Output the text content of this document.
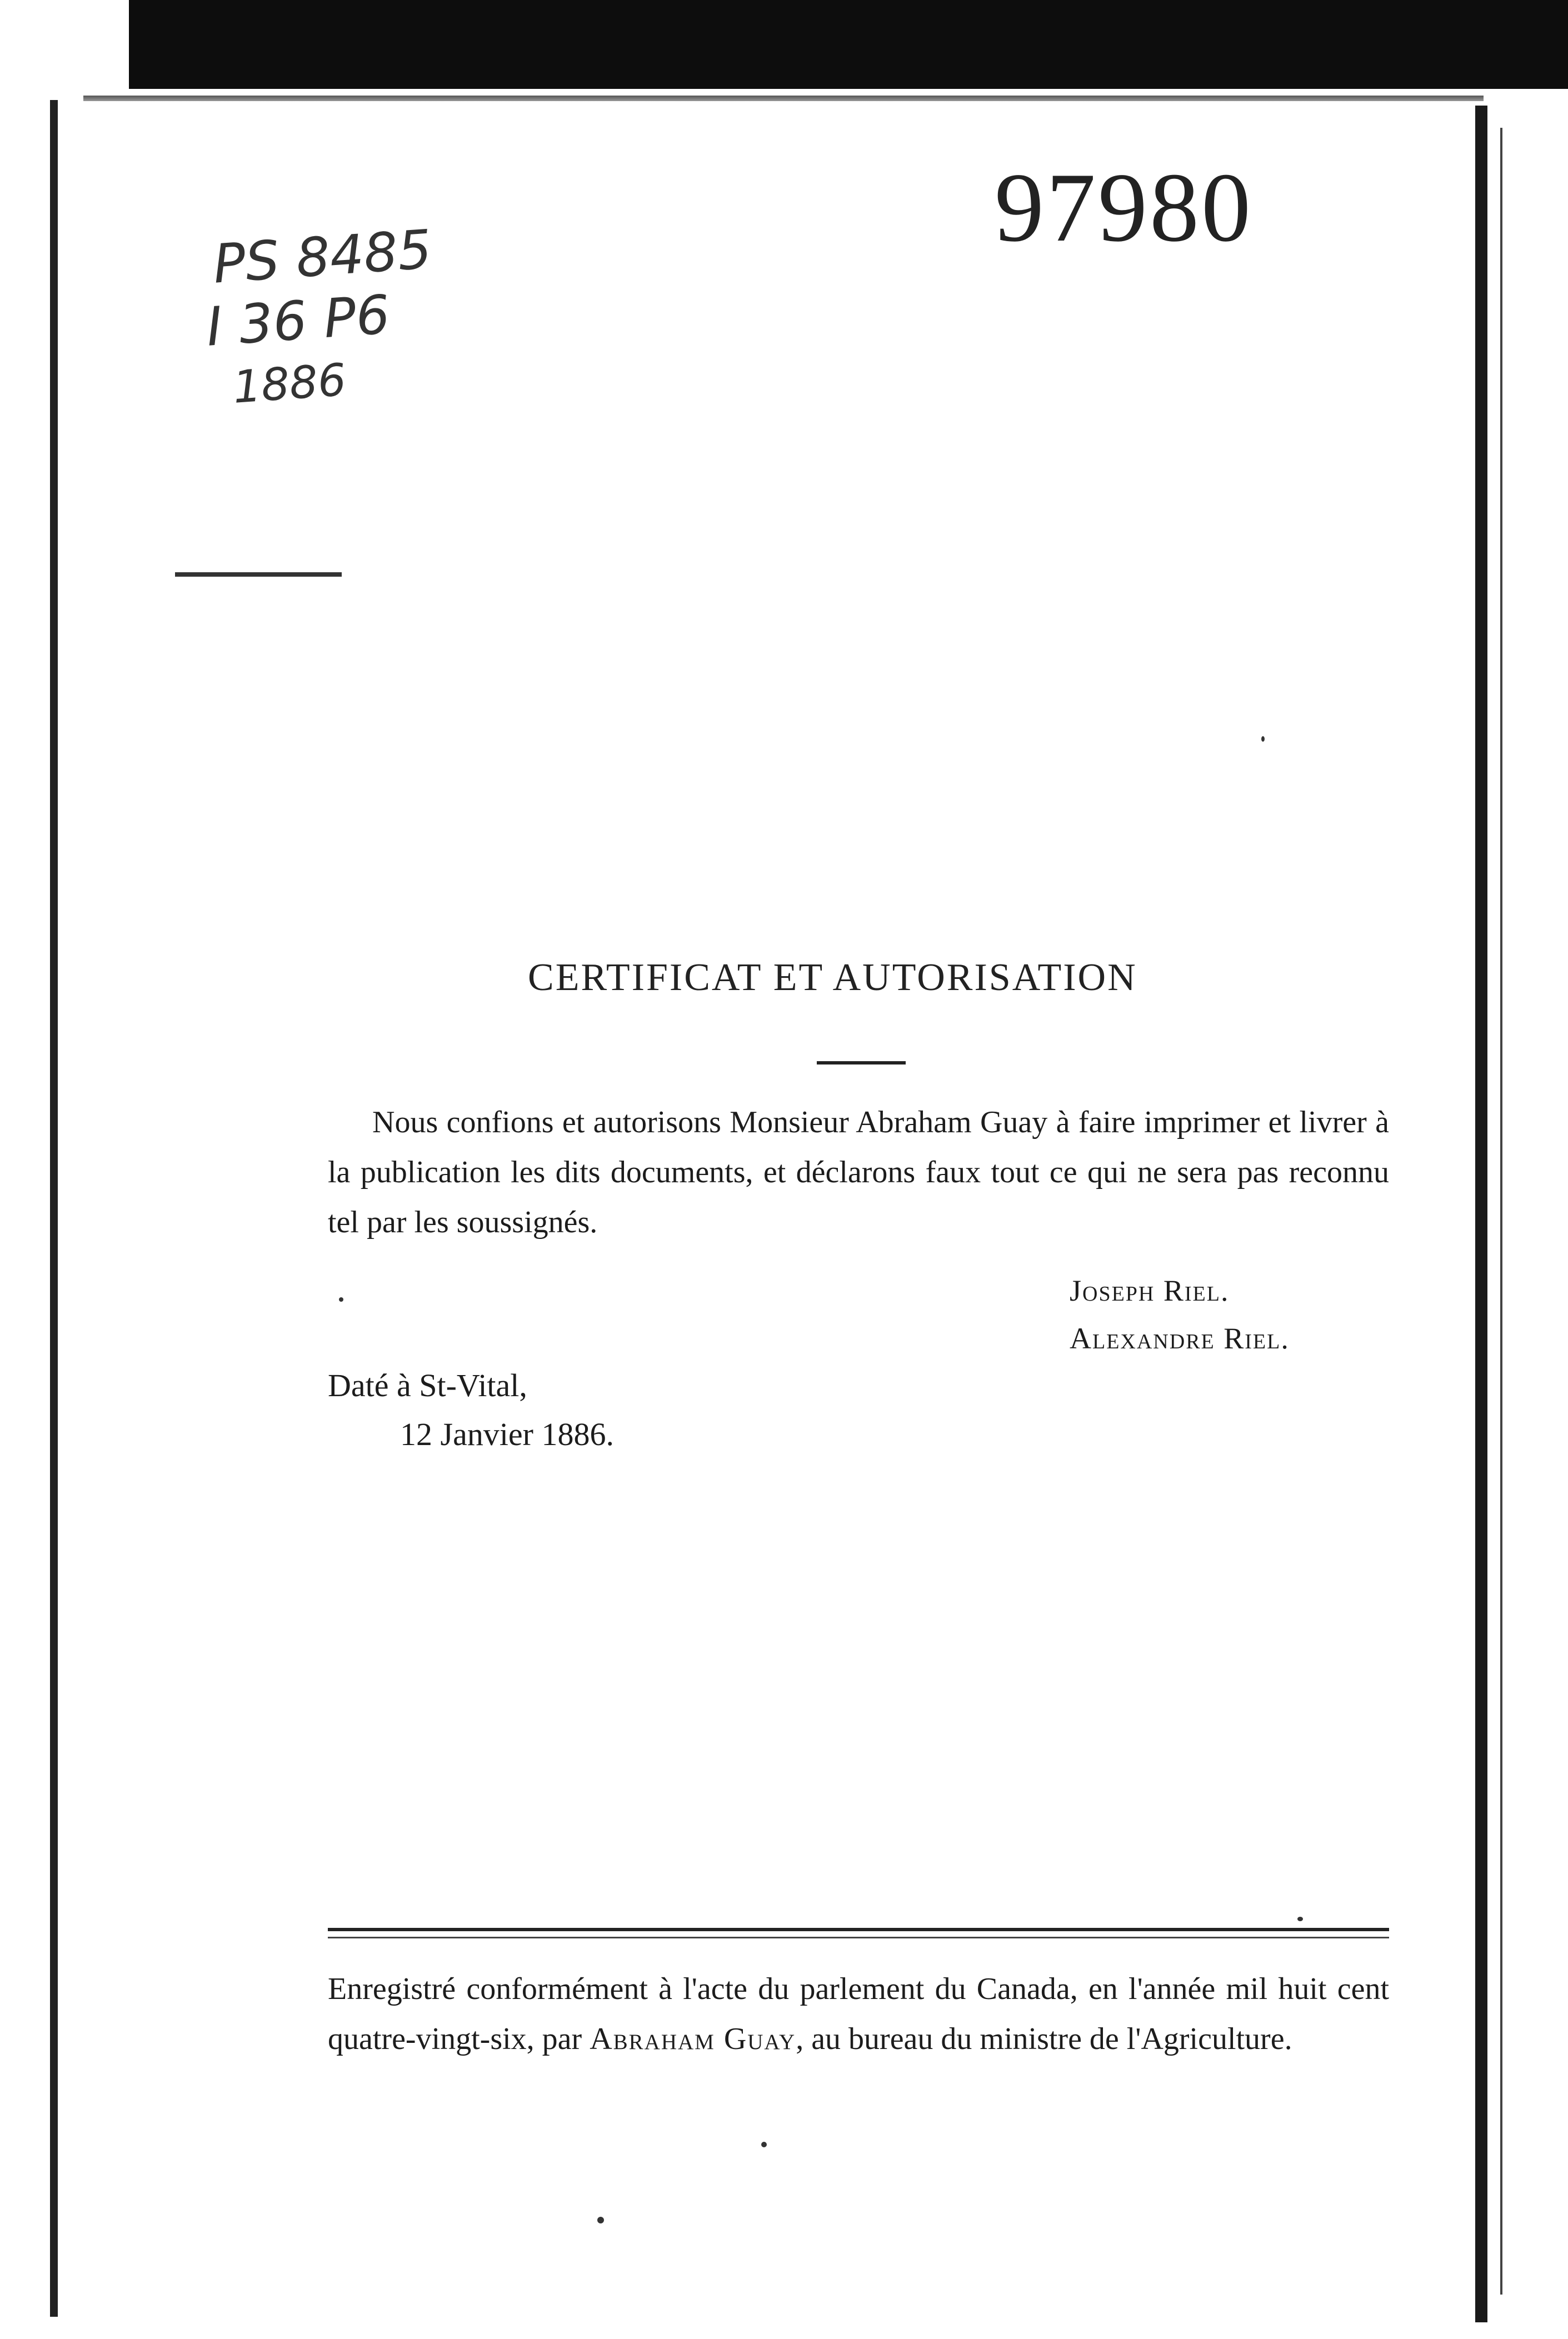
97980
PS 8485
I 36 P6
1886
CERTIFICAT ET AUTORISATION
Nous confions et autorisons Monsieur Abraham Guay à faire imprimer et livrer à la publication les dits documents, et déclarons faux tout ce qui ne sera pas reconnu tel par les soussignés.
Joseph Riel.
Alexandre Riel.
Daté à St-Vital,
12 Janvier 1886.
Enregistré conformément à l'acte du parlement du Canada, en l'année mil huit cent quatre-vingt-six, par Abraham Guay, au bureau du ministre de l'Agriculture.
